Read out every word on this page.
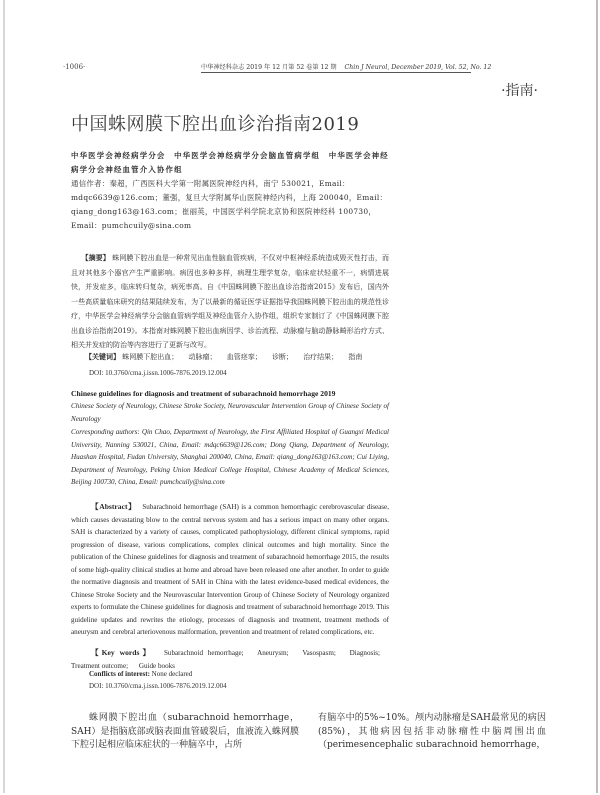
·1006·	中华神经科杂志 2019 年 12 月第 52 卷第 12 期 Chin J Neurol, December 2019, Vol. 52, No. 12
·指南·
中国蛛网膜下腔出血诊治指南2019
中华医学会神经病学分会　中华医学会神经病学分会脑血管病学组　中华医学会神经病学分会神经血管介入协作组
通信作者：秦超，广西医科大学第一附属医院神经内科，南宁 530021，Email：mdqc6639@126.com；董强，复旦大学附属华山医院神经内科，上海 200040，Email：qiang_dong163@163.com；崔丽英，中国医学科学院北京协和医院神经科 100730，Email：pumchcuily@sina.com
【摘要】 蛛网膜下腔出血是一种常见出血性脑血管疾病，不仅对中枢神经系统造成毁灭性打击，而且对其他多个器官产生严重影响。病因也多种多样，病理生理学复杂，临床症状轻重不一，病情进展快，并发症多，临床转归复杂，病死率高。自《中国蛛网膜下腔出血诊治指南2015》发布后，国内外一些高质量临床研究的结果陆续发布，为了以最新的循证医学证据指导我国蛛网膜下腔出血的规范性诊疗，中华医学会神经病学分会脑血管病学组及神经血管介入协作组，组织专家制订了《中国蛛网膜下腔出血诊治指南2019》。本指南对蛛网膜下腔出血病因学、诊治流程、动脉瘤与脑动静脉畸形治疗方式、相关并发症的防治等内容进行了更新与改写。
【关键词】 蛛网膜下腔出血； 动脉瘤； 血管痉挛； 诊断； 治疗结果； 指南
DOI: 10.3760/cma.j.issn.1006-7876.2019.12.004
Chinese guidelines for diagnosis and treatment of subarachnoid hemorrhage 2019
Chinese Society of Neurology, Chinese Stroke Society, Neurovascular Intervention Group of Chinese Society of Neurology
Corresponding authors: Qin Chao, Department of Neurology, the First Affiliated Hospital of Guangxi Medical University, Nanning 530021, China, Email: mdqc6639@126.com; Dong Qiang, Department of Neurology, Huashan Hospital, Fudan University, Shanghai 200040, China, Email: qiang_dong163@163.com; Cui Liying, Department of Neurology, Peking Union Medical College Hospital, Chinese Academy of Medical Sciences, Beijing 100730, China, Email: pumchcuily@sina.com
【Abstract】 Subarachnoid hemorrhage (SAH) is a common hemorrhagic cerebrovascular disease, which causes devastating blow to the central nervous system and has a serious impact on many other organs. SAH is characterized by a variety of causes, complicated pathophysiology, different clinical symptoms, rapid progression of disease, various complications, complex clinical outcomes and high mortality. Since the publication of the Chinese guidelines for diagnosis and treatment of subarachnoid hemorrhage 2015, the results of some high-quality clinical studies at home and abroad have been released one after another. In order to guide the normative diagnosis and treatment of SAH in China with the latest evidence-based medical evidences, the Chinese Stroke Society and the Neurovascular Intervention Group of Chinese Society of Neurology organized experts to formulate the Chinese guidelines for diagnosis and treatment of subarachnoid hemorrhage 2019. This guideline updates and rewrites the etiology, processes of diagnosis and treatment, treatment methods of aneurysm and cerebral arteriovenous malformation, prevention and treatment of related complications, etc.
【Key words】 Subarachnoid hemorrhage; Aneurysm; Vasospasm; Diagnosis; Treatment outcome; Guide books
Conflicts of interest: None declared
DOI: 10.3760/cma.j.issn.1006-7876.2019.12.004
蛛网膜下腔出血（subarachnoid hemorrhage，SAH）是指脑底部或脑表面血管破裂后，血液流入蛛网膜下腔引起相应临床症状的一种脑卒中，占所
有脑卒中的5%~10%。颅内动脉瘤是SAH最常见的病因(85%)，其他病因包括非动脉瘤性中脑周围出血（perimesencephalic subarachnoid hemorrhage，
